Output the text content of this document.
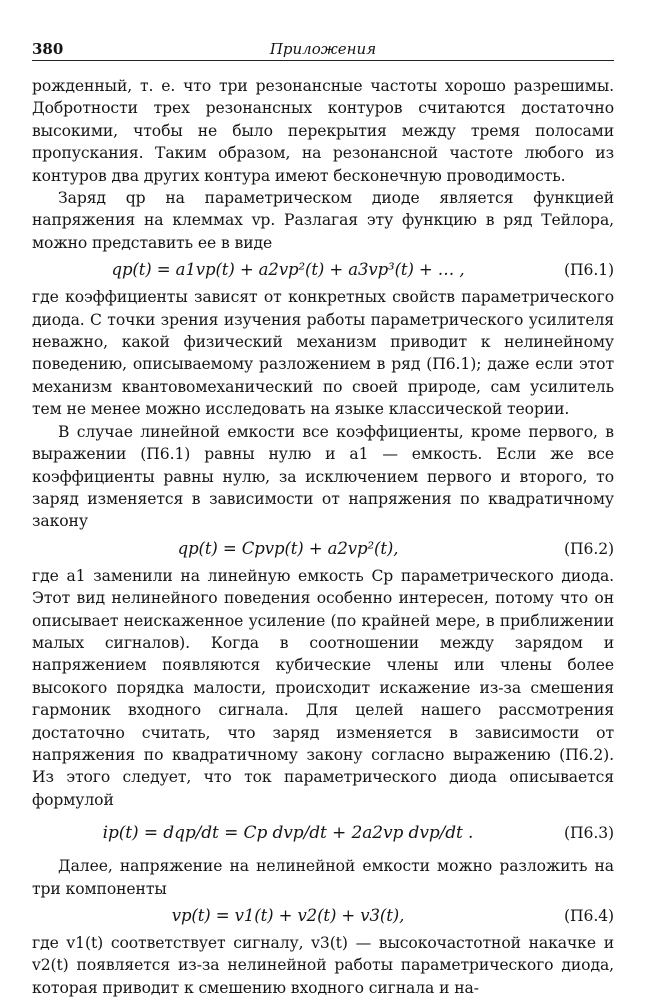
380	Приложения

рожденный, т. е. что три резонансные частоты хорошо разрешимы. Добротности трех резонансных контуров считаются достаточно высокими, чтобы не было перекрытия между тремя полосами пропускания. Таким образом, на резонансной частоте любого из контуров два других контура имеют бесконечную проводимость.

Заряд qp на параметрическом диоде является функцией напряжения на клеммах vp. Разлагая эту функцию в ряд Тейлора, можно представить ее в виде

qp(t) = a1vp(t) + a2vp²(t) + a3vp³(t) + … ,	(П6.1)

где коэффициенты зависят от конкретных свойств параметрического диода. С точки зрения изучения работы параметрического усилителя неважно, какой физический механизм приводит к нелинейному поведению, описываемому разложением в ряд (П6.1); даже если этот механизм квантовомеханический по своей природе, сам усилитель тем не менее можно исследовать на языке классической теории.

В случае линейной емкости все коэффициенты, кроме первого, в выражении (П6.1) равны нулю и a1 — емкость. Если же все коэффициенты равны нулю, за исключением первого и второго, то заряд изменяется в зависимости от напряжения по квадратичному закону

qp(t) = Cpvp(t) + a2vp²(t),	(П6.2)

где a1 заменили на линейную емкость Cp параметрического диода. Этот вид нелинейного поведения особенно интересен, потому что он описывает неискаженное усиление (по крайней мере, в приближении малых сигналов). Когда в соотношении между зарядом и напряжением появляются кубические члены или члены более высокого порядка малости, происходит искажение из-за смешения гармоник входного сигнала. Для целей нашего рассмотрения достаточно считать, что заряд изменяется в зависимости от напряжения по квадратичному закону согласно выражению (П6.2). Из этого следует, что ток параметрического диода описывается формулой

ip(t) = dqp/dt = Cp dvp/dt + 2a2vp dvp/dt .	(П6.3)

Далее, напряжение на нелинейной емкости можно разложить на три компоненты

vp(t) = v1(t) + v2(t) + v3(t),	(П6.4)

где v1(t) соответствует сигналу, v3(t) — высокочастотной накачке и v2(t) появляется из-за нелинейной работы параметрического диода, которая приводит к смешению входного сигнала и на-
